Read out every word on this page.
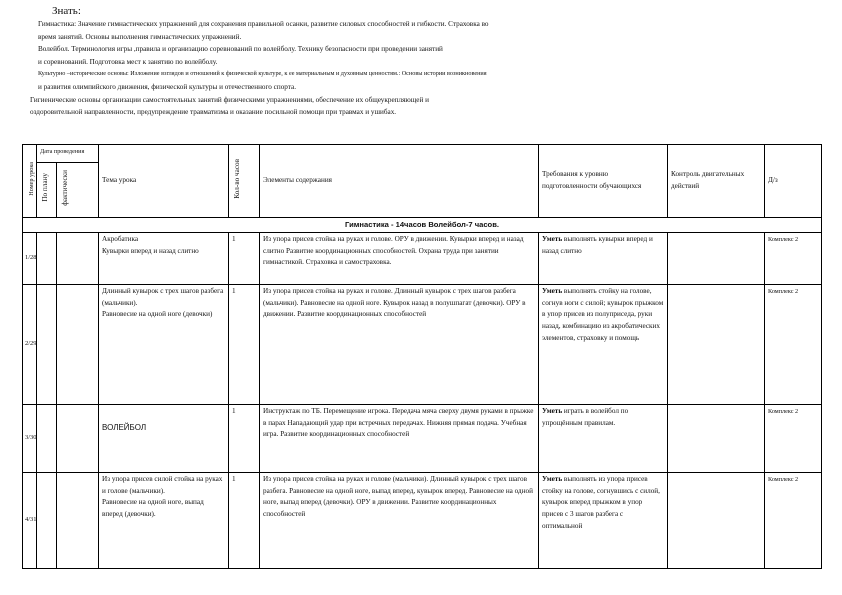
Знать:

Гимнастика: Значение гимнастических упражнений для сохранения правильной осанки, развитие силовых способностей и гибкости. Страховка во

время занятий. Основы выполнения гимнастических упражнений.

Волейбол. Терминология игры ,правила и организацию соревнований по волейболу. Технику безопасности при проведении занятий

и соревнований. Подготовка мест к занятию по волейболу.

Культурно –исторические основы: Изложение взглядов и отношений к физической культуре, к ее материальным и духовным ценностям.: Основы истории возникновения

и развития олимпийского движения, физической культуры и отечественного спорта.

Гигиенические основы организации самостоятельных занятий физическими упражнениями, обеспечение их общеукрепляющей и

оздоровительной направленности, предупреждение травматизма и оказание посильной помощи при травмах и ушибах.

Номер урока	Дата проведения		Тема урока	Кол-во часов	Элементы содержания	Требования к уровню подготовленности обучающихся	Контроль двигательных действий	Д/з
	По плану	фактически						
Гимнастика - 14часов Волейбол-7 часов.								
1/28			Акробатика
Кувырки вперед и назад слитно	1	Из упора присев стойка на руках и голове. ОРУ в движении. Кувырки вперед и назад слитно Развитие координационных способностей. Охрана труда при занятии гимнастикой. Страховка и самостраховка.	Уметь выполнять кувырки вперед и назад слитно		Комплекс 2
2/29			Длинный кувырок с трех шагов разбега (мальчики).
Равновесие на одной ноге (девочки)	1	Из упора присев стойка на руках и голове. Длинный кувырок с трех шагов разбега (мальчики). Равновесие на одной ноге. Кувырок назад в полушпагат (девочки). ОРУ в движении. Развитие координационных способностей	Уметь выполнять стойку на голове, согнув ноги с силой; кувырок прыжком в упор присев из полуприседа, руки назад, комбинацию из акробатических элементов, страховку и помощь		Комплекс 2
3/30			ВОЛЕЙБОЛ	1	Инструктаж по ТБ. Перемещение игрока. Передача мяча сверху двумя руками в прыжке в парах Нападающий удар при встречных передачах. Нижняя прямая подача. Учебная игра. Развитие координационных способностей	Уметь играть в волейбол по упрощённым правилам.		Комплекс 2
4/31			Из упора присев силой стойка на руках и голове (мальчики).
Равновесие на одной ноге, выпад вперед (девочки).	1	Из упора присев стойка на руках и голове (мальчики). Длинный кувырок с трех шагов разбега. Равновесие на одной ноге, выпад вперед, кувырок вперед. Равновесие на одной ноге, выпад вперед (девочки). ОРУ в движении. Развитие координационных способностей	Уметь выполнять из упора присев стойку на голове, согнувшись с силой, кувырок вперед прыжком в упор присев с 3 шагов разбега с оптимальной		Комплекс 2
